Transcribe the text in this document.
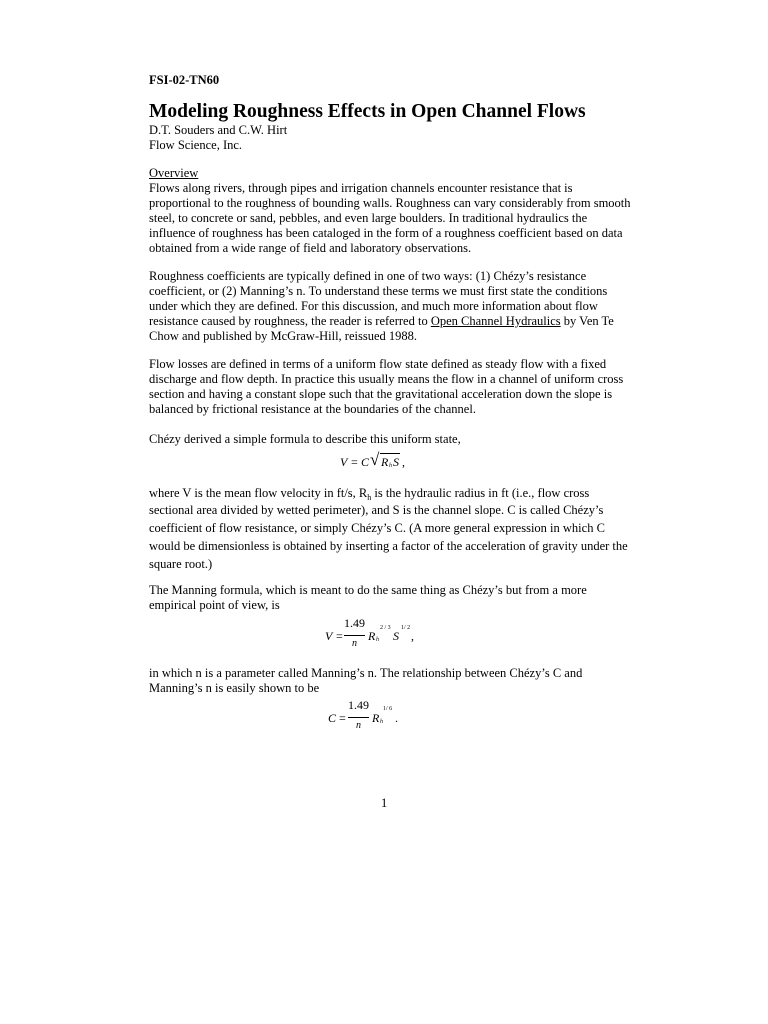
FSI-02-TN60
Modeling Roughness Effects in Open Channel Flows
D.T. Souders and C.W. Hirt
Flow Science, Inc.
Overview
Flows along rivers, through pipes and irrigation channels encounter resistance that is
proportional to the roughness of bounding walls. Roughness can vary considerably from smooth
steel, to concrete or sand, pebbles, and even large boulders. In traditional hydraulics the
influence of roughness has been cataloged in the form of a roughness coefficient based on data
obtained from a wide range of field and laboratory observations.
Roughness coefficients are typically defined in one of two ways: (1) Chézy’s resistance
coefficient, or (2) Manning’s n. To understand these terms we must first state the conditions
under which they are defined. For this discussion, and much more information about flow
resistance caused by roughness, the reader is referred to Open Channel Hydraulics by Ven Te
Chow and published by McGraw-Hill, reissued 1988.
Flow losses are defined in terms of a uniform flow state defined as steady flow with a fixed
discharge and flow depth. In practice this usually means the flow in a channel of uniform cross
section and having a constant slope such that the gravitational acceleration down the slope is
balanced by frictional resistance at the boundaries of the channel.
Chézy derived a simple formula to describe this uniform state,
V = C √ R h S ,
where V is the mean flow velocity in ft/s, $R_h$ is the hydraulic radius in ft (i.e., flow cross
sectional area divided by wetted perimeter), and S is the channel slope. C is called Chézy’s
coefficient of flow resistance, or simply Chézy’s C. (A more general expression in which C
would be dimensionless is obtained by inserting a factor of the acceleration of gravity under the
square root.)
The Manning formula, which is meant to do the same thing as Chézy’s but from a more
empirical point of view, is
V =
1.49
n
R h
2 / 3
S
1/ 2
,
in which n is a parameter called Manning’s n. The relationship between Chézy’s C and
Manning’s n is easily shown to be
C =
1.49
n
R h
1/ 6
.
1
